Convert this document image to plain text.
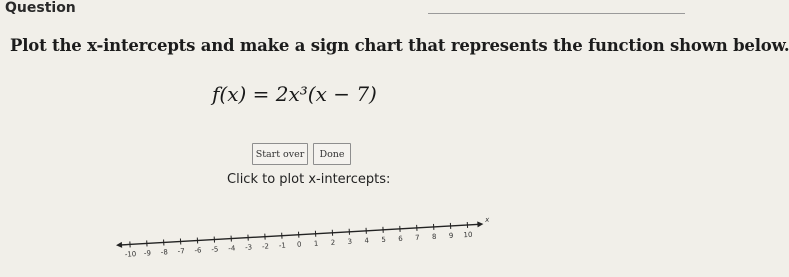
Question
Plot the x-intercepts and make a sign chart that represents the function shown below.
f(x) = 2x³(x − 7)
Start over	Done
Click to plot x-intercepts:
x
-10 -9 -8 -7 -6 -5 -4 -3 -2 -1 0 1 2 3 4 5 6 7 8 9 10
